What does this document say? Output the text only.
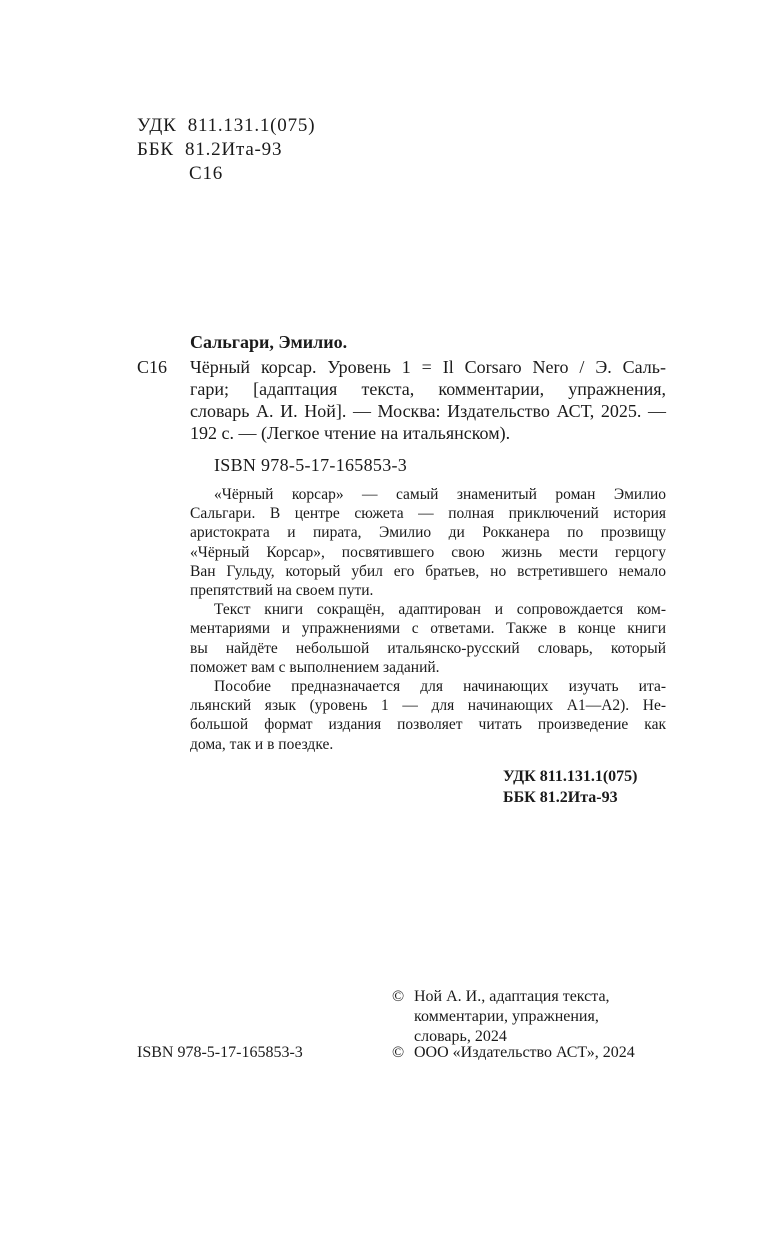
УДК 811.131.1(075)
ББК 81.2Ита-93
С16
Сальгари, Эмилио.
С16 Чёрный корсар. Уровень 1 = Il Corsaro Nero / Э. Саль-
гари; [адаптация текста, комментарии, упражнения,
словарь А. И. Ной]. — Москва: Издательство АСТ, 2025. —
192 с. — (Легкое чтение на итальянском).
ISBN 978-5-17-165853-3
«Чёрный корсар» — самый знаменитый роман Эмилио
Сальгари. В центре сюжета — полная приключений история
аристократа и пирата, Эмилио ди Рокканера по прозвищу
«Чёрный Корсар», посвятившего свою жизнь мести герцогу
Ван Гульду, который убил его братьев, но встретившего немало
препятствий на своем пути.
Текст книги сокращён, адаптирован и сопровождается ком-
ментариями и упражнениями с ответами. Также в конце книги
вы найдёте небольшой итальянско-русский словарь, который
поможет вам с выполнением заданий.
Пособие предназначается для начинающих изучать ита-
льянский язык (уровень 1 — для начинающих А1—А2). Не-
большой формат издания позволяет читать произведение как
дома, так и в поездке.
УДК 811.131.1(075)
ББК 81.2Ита-93
© Ной А. И., адаптация текста,
комментарии, упражнения,
словарь, 2024
© ООО «Издательство АСТ», 2024
ISBN 978-5-17-165853-3
